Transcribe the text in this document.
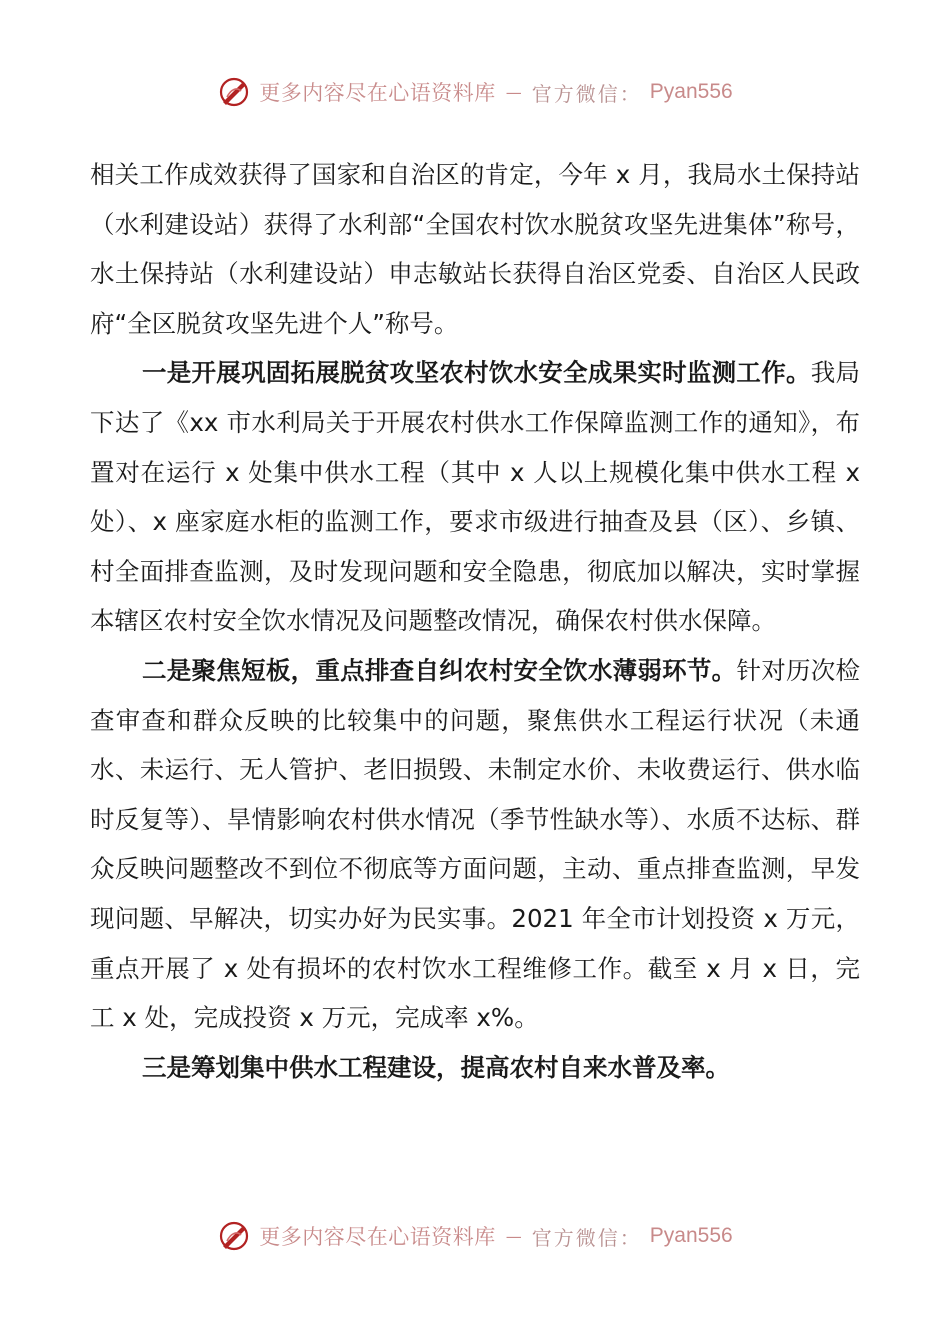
更多内容尽在心语资料库 — 官方微信： Pyan556

相关工作成效获得了国家和自治区的肯定，今年 x 月，我局水土保持站（水利建设站）获得了水利部“全国农村饮水脱贫攻坚先进集体”称号，水土保持站（水利建设站）申志敏站长获得自治区党委、自治区人民政府“全区脱贫攻坚先进个人”称号。

一是开展巩固拓展脱贫攻坚农村饮水安全成果实时监测工作。我局下达了《xx 市水利局关于开展农村供水工作保障监测工作的通知》，布置对在运行 x 处集中供水工程（其中 x 人以上规模化集中供水工程 x 处）、x 座家庭水柜的监测工作，要求市级进行抽查及县（区）、乡镇、村全面排查监测，及时发现问题和安全隐患，彻底加以解决，实时掌握本辖区农村安全饮水情况及问题整改情况，确保农村供水保障。

二是聚焦短板，重点排查自纠农村安全饮水薄弱环节。针对历次检查审查和群众反映的比较集中的问题，聚焦供水工程运行状况（未通水、未运行、无人管护、老旧损毁、未制定水价、未收费运行、供水临时反复等）、旱情影响农村供水情况（季节性缺水等）、水质不达标、群众反映问题整改不到位不彻底等方面问题，主动、重点排查监测，早发现问题、早解决，切实办好为民实事。2021 年全市计划投资 x 万元，重点开展了 x 处有损坏的农村饮水工程维修工作。截至 x 月 x 日，完工 x 处，完成投资 x 万元，完成率 x%。

三是筹划集中供水工程建设，提高农村自来水普及率。

更多内容尽在心语资料库 — 官方微信： Pyan556
